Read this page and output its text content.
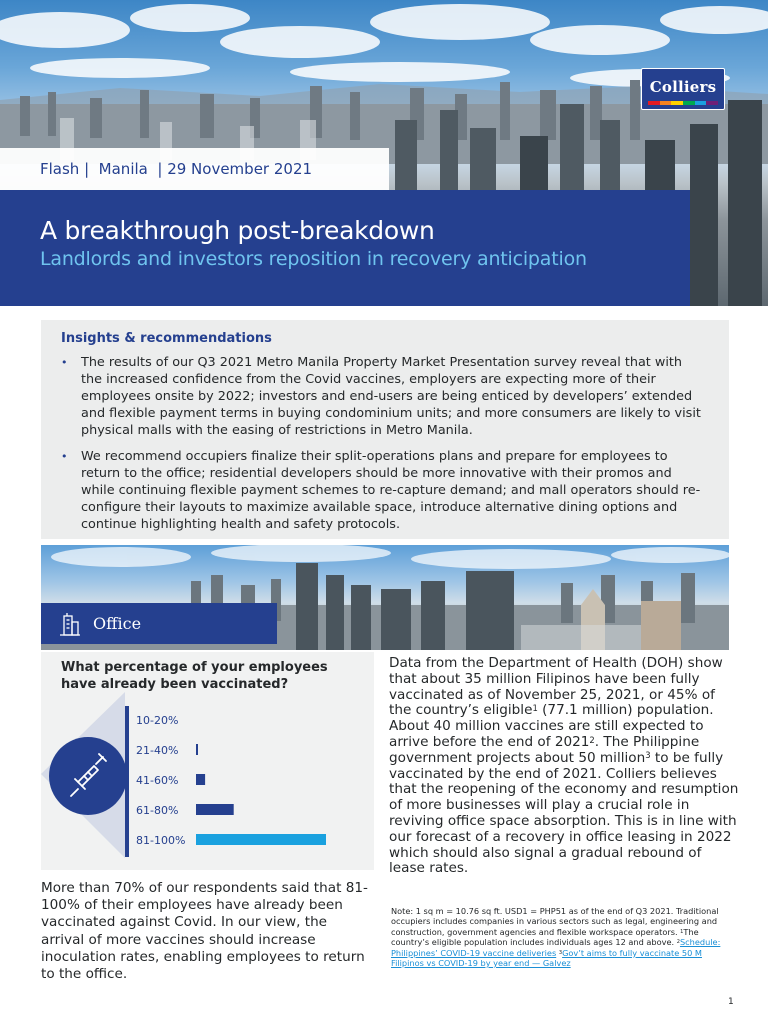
Colliers
Flash | Manila | 29 November 2021
A breakthrough post-breakdown
Landlords and investors reposition in recovery anticipation
Insights & recommendations
• The results of our Q3 2021 Metro Manila Property Market Presentation survey reveal that with the increased confidence from the Covid vaccines, employers are expecting more of their employees onsite by 2022; investors and end-users are being enticed by developers’ extended and flexible payment terms in buying condominium units; and more consumers are likely to visit physical malls with the easing of restrictions in Metro Manila.
• We recommend occupiers finalize their split-operations plans and prepare for employees to return to the office; residential developers should be more innovative with their promos and while continuing flexible payment schemes to re-capture demand; and mall operators should re-configure their layouts to maximize available space, introduce alternative dining options and continue highlighting health and safety protocols.
Office
What percentage of your employees have already been vaccinated?
10-20%
21-40%
41-60%
61-80%
81-100%
More than 70% of our respondents said that 81-100% of their employees have already been vaccinated against Covid. In our view, the arrival of more vaccines should increase inoculation rates, enabling employees to return to the office.
Data from the Department of Health (DOH) show that about 35 million Filipinos have been fully vaccinated as of November 25, 2021, or 45% of the country’s eligible$^1$ (77.1 million) population. About 40 million vaccines are still expected to arrive before the end of 2021$^2$. The Philippine government projects about 50 million$^3$ to be fully vaccinated by the end of 2021. Colliers believes that the reopening of the economy and resumption of more businesses will play a crucial role in reviving office space absorption. This is in line with our forecast of a recovery in office leasing in 2022 which should also signal a gradual rebound of lease rates.
Note: 1 sq m = 10.76 sq ft. USD1 = PHP51 as of the end of Q3 2021. Traditional occupiers includes companies in various sectors such as legal, engineering and construction, government agencies and flexible workspace operators. $^1$The country’s eligible population includes individuals ages 12 and above. $^2$Schedule: Philippines’ COVID-19 vaccine deliveries $^3$Gov’t aims to fully vaccinate 50 M Filipinos vs COVID-19 by year end — Galvez
1
